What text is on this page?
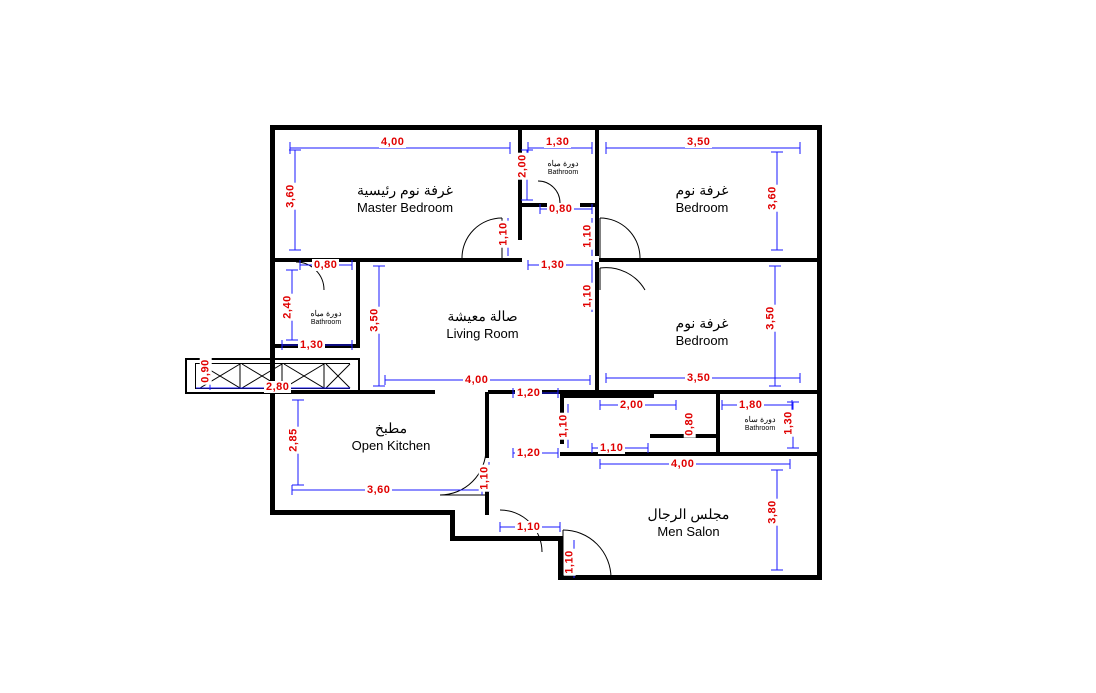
غرفة نوم رئيسية
Master Bedroom
دورة مياه
Bathroom
غرفة نوم
Bedroom
دورة مياه
Bathroom	صالة معيشة
Living Room
غرفة نوم
Bedroom
مطبخ
Open Kitchen
دورة ساه
Bathroom
مجلس الرجال
Men Salon
4,00	1,30	3,50
3,60
2,00
3,60
0,80
1,10	1,10
1,30
0,80
2,40	1,10
3,50	3,50
1,30
4,00	3,50
0,90
2,80	1,20
2,00	1,80
1,10	0,80	1,30
2,85	1,10
1,20
4,00
1,10
3,60
3,80
1,10
1,10
